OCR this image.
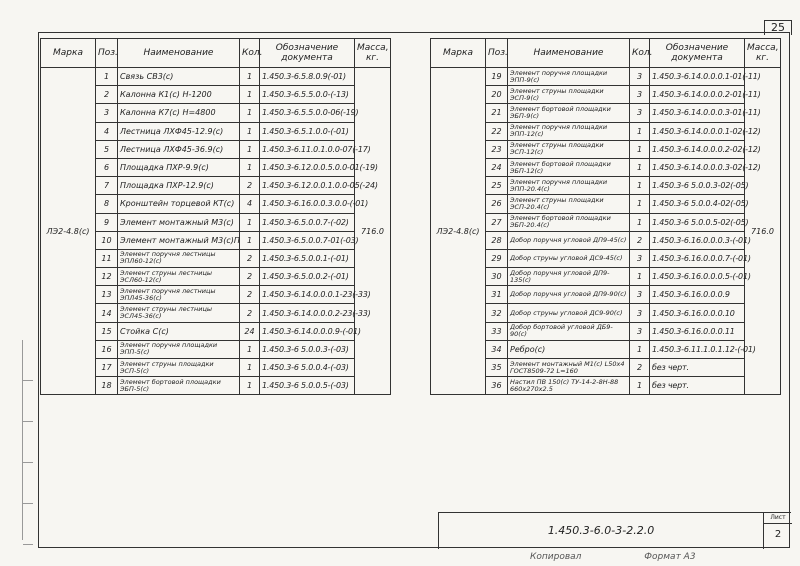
25
Марка	Поз.	Наименование	Кол.	Обозначение документа	Масса, кг.
ЛЭ2-4.8(c)	1	Связь СВ3(с)	1	1.450.3-6.5.8.0.9(-01)	716.0
	2	Калонна К1(с) Н-1200	1	1.450.3-6.5.5.0.0-(-13)	
	3	Калонна К7(с) Н=4800	1	1.450.3-6.5.5.0.0-06(-19)	
	4	Лестница ЛХФ45-12.9(с)	1	1.450.3-6.5.1.0.0-(-01)	
	5	Лестница ЛХФ45-36.9(с)	1	1.450.3-6.11.0.1.0.0-07(-17)	
	6	Площадка ПХР-9.9(с)	1	1.450.3-6.12.0.0.5.0.0-01(-19)	
	7	Площадка ПХР-12.9(с)	2	1.450.3-6.12.0.0.1.0.0-05(-24)	
	8	Кронштейн торцевой КТ(с)	4	1.450.3-6.16.0.0.3.0.0-(-01)	
	9	Элемент монтажный М3(с)	1	1.450.3-6.5.0.0.7-(-02)	
	10	Элемент монтажный М3(с)П	1	1.450.3-6.5.0.0.7-01(-03)	
	11	Элемент поручня лестницы ЭПЛ60-12(с)	2	1.450.3-6.5.0.0.1-(-01)	
	12	Элемент струны лестницы ЭСЛ60-12(с)	2	1.450.3-6.5.0.0.2-(-01)	
	13	Элемент поручня лестницы ЭПЛ45-36(с)	2	1.450.3-6.14.0.0.0.1-23(-33)	
	14	Элемент струны лестницы ЭСЛ45-36(с)	2	1.450.3-6.14.0.0.0.2-23(-33)	
	15	Стойка С(с)	24	1.450.3-6.14.0.0.0.9-(-01)	
	16	Элемент поручня площадки ЭПП-5(с)	1	1.450.3-6 5.0.0.3-(-03)	
	17	Элемент струны площадки ЭСП-5(с)	1	1.450.3-6 5.0.0.4-(-03)	
	18	Элемент бортовой площадки ЭБП-5(с)	1	1.450.3-6 5.0.0.5-(-03)	
Марка	Поз.	Наименование	Кол.	Обозначение документа	Масса, кг.
ЛЭ2-4.8(c)	19	Элемент поручня площадки ЭПП-9(с)	3	1.450.3-6.14.0.0.0.1-01(-11)	716.0
	20	Элемент струны площадки ЭСП-9(с)	3	1.450.3-6.14.0.0.0.2-01(-11)	
	21	Элемент бортовой площадки ЭБП-9(с)	3	1.450.3-6.14.0.0.0.3-01(-11)	
	22	Элемент поручня площадки ЭПП-12(с)	1	1.450.3-6.14.0.0.0.1-02(-12)	
	23	Элемент струны площадки ЭСП-12(с)	1	1.450.3-6.14.0.0.0.2-02(-12)	
	24	Элемент бортовой площадки ЭБП-12(с)	1	1.450.3-6.14.0.0.0.3-02(-12)	
	25	Элемент поручня площадки ЭПП-20.4(с)	1	1.450.3-6 5.0.0.3-02(-05)	
	26	Элемент струны площадки ЭСП-20.4(с)	1	1.450.3-6 5.0.0.4-02(-05)	
	27	Элемент бортовой площадки ЭБП-20.4(с)	1	1.450.3-6 5.0.0.5-02(-05)	
	28	Добор поручня угловой ДП9-45(с)	2	1.450.3-6.16.0.0.0.3-(-01)	
	29	Добор струны угловой ДС9-45(с)	3	1.450.3-6.16.0.0.0.7-(-01)	
	30	Добор поручня угловой ДП9-135(с)	1	1.450.3-6.16.0.0.0.5-(-01)	
	31	Добор поручня угловой ДП9-90(с)	3	1.450.3-6.16.0.0.0.9	
	32	Добор струны угловой ДС9-90(с)	3	1.450.3-6.16.0.0.0.10	
	33	Добор бортовой угловой ДБ9-90(с)	3	1.450.3-6.16.0.0.0.11	
	34	Ребро(с)	1	1.450.3-6.11.1.0.1.12-(-01)	
	35	Элемент монтажный М1(с) L50х4 ГОСТ8509-72 L=160	2	без черт.	
	36	Настил ПВ 150(с) ТУ-14-2-8Н-88 660х270х2.5	1	без черт.	
1.450.3-6.0-3-2.2.0
Лист
2
Копировал	Формат А3
